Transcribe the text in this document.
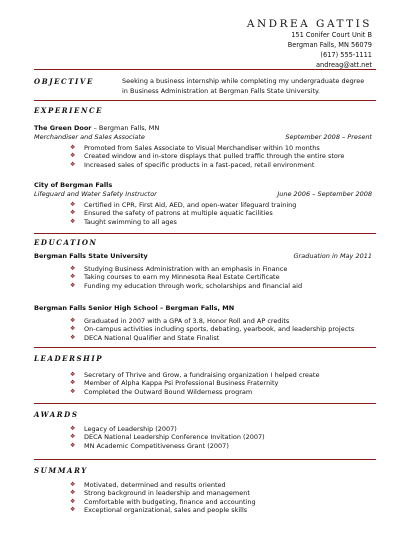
ANDREA GATTIS
151 Conifer Court Unit B
Bergman Falls, MN 56079
(617) 555-1111
andreag@att.net
OBJECTIVE	Seeking a business internship while completing my undergraduate degree in Business Administration at Bergman Falls State University.
EXPERIENCE
The Green Door – Bergman Falls, MN
Merchandiser and Sales Associate	September 2008 – Present
❖ Promoted from Sales Associate to Visual Merchandiser within 10 months
❖ Created window and in-store displays that pulled traffic through the entire store
❖ Increased sales of specific products in a fast-paced, retail environment
City of Bergman Falls
Lifeguard and Water Safety Instructor	June 2006 – September 2008
❖ Certified in CPR, First Aid, AED, and open-water lifeguard training
❖ Ensured the safety of patrons at multiple aquatic facilities
❖ Taught swimming to all ages
EDUCATION
Bergman Falls State University	Graduation in May 2011
❖ Studying Business Administration with an emphasis in Finance
❖ Taking courses to earn my Minnesota Real Estate Certificate
❖ Funding my education through work, scholarships and financial aid
Bergman Falls Senior High School – Bergman Falls, MN
❖ Graduated in 2007 with a GPA of 3.8, Honor Roll and AP credits
❖ On-campus activities including sports, debating, yearbook, and leadership projects
❖ DECA National Qualifier and State Finalist
LEADERSHIP
❖ Secretary of Thrive and Grow, a fundraising organization I helped create
❖ Member of Alpha Kappa Psi Professional Business Fraternity
❖ Completed the Outward Bound Wilderness program
AWARDS
❖ Legacy of Leadership (2007)
❖ DECA National Leadership Conference Invitation (2007)
❖ MN Academic Competitiveness Grant (2007)
SUMMARY
❖ Motivated, determined and results oriented
❖ Strong background in leadership and management
❖ Comfortable with budgeting, finance and accounting
❖ Exceptional organizational, sales and people skills
